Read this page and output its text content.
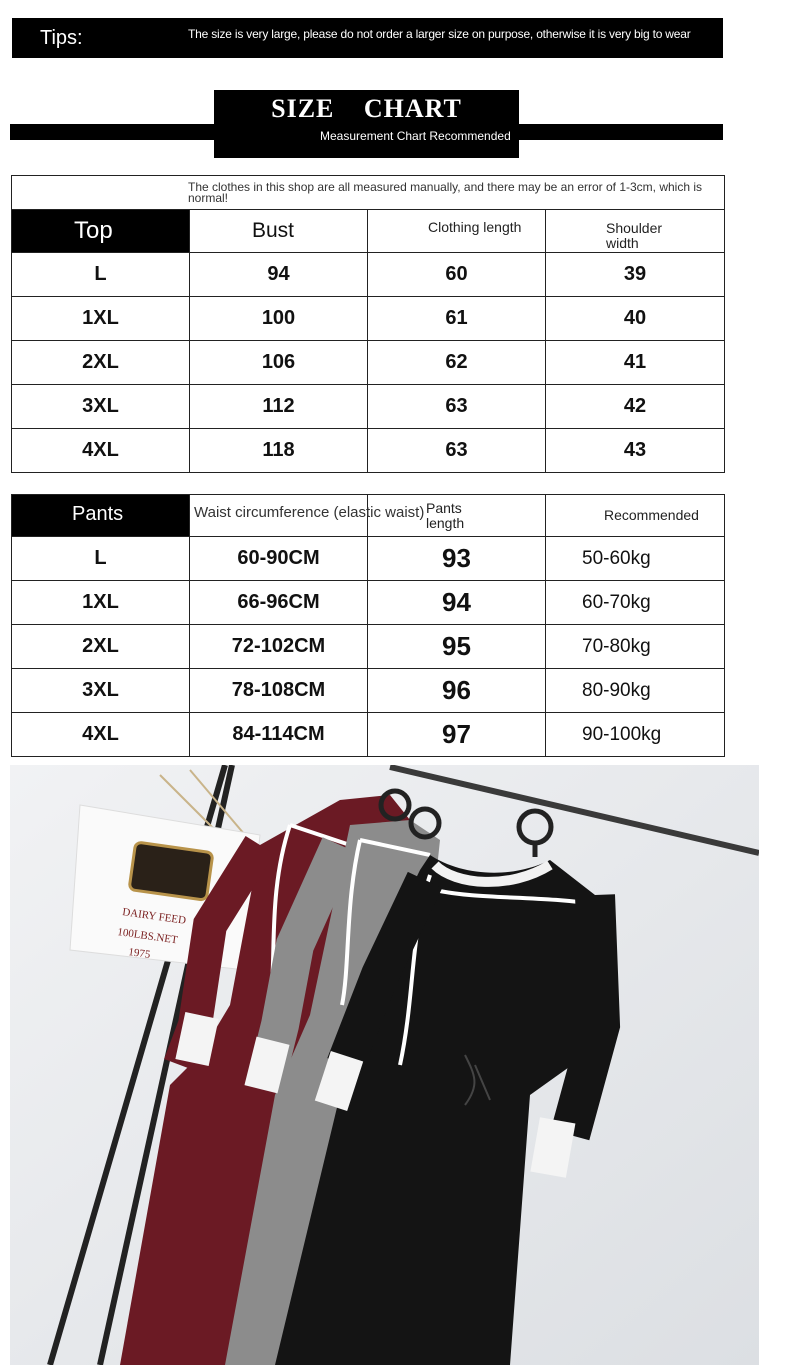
Tips:	The size is very large, please do not order a larger size on purpose, otherwise it is very big to wear
SIZE CHART
Measurement Chart Recommended
The clothes in this shop are all measured manually, and there may be an error of 1-3cm, which is normal!			
Top	Bust	Clothing length	Shoulder width
L	94	60	39
1XL	100	61	40
2XL	106	62	41
3XL	112	63	42
4XL	118	63	43
Pants	Waist circumference (elastic waist)	Pants length	Recommended
L	60-90CM	93	50-60kg
1XL	66-96CM	94	60-70kg
2XL	72-102CM	95	70-80kg
3XL	78-108CM	96	80-90kg
4XL	84-114CM	97	90-100kg
DAIRY FEED
100LBS.NET
1975
